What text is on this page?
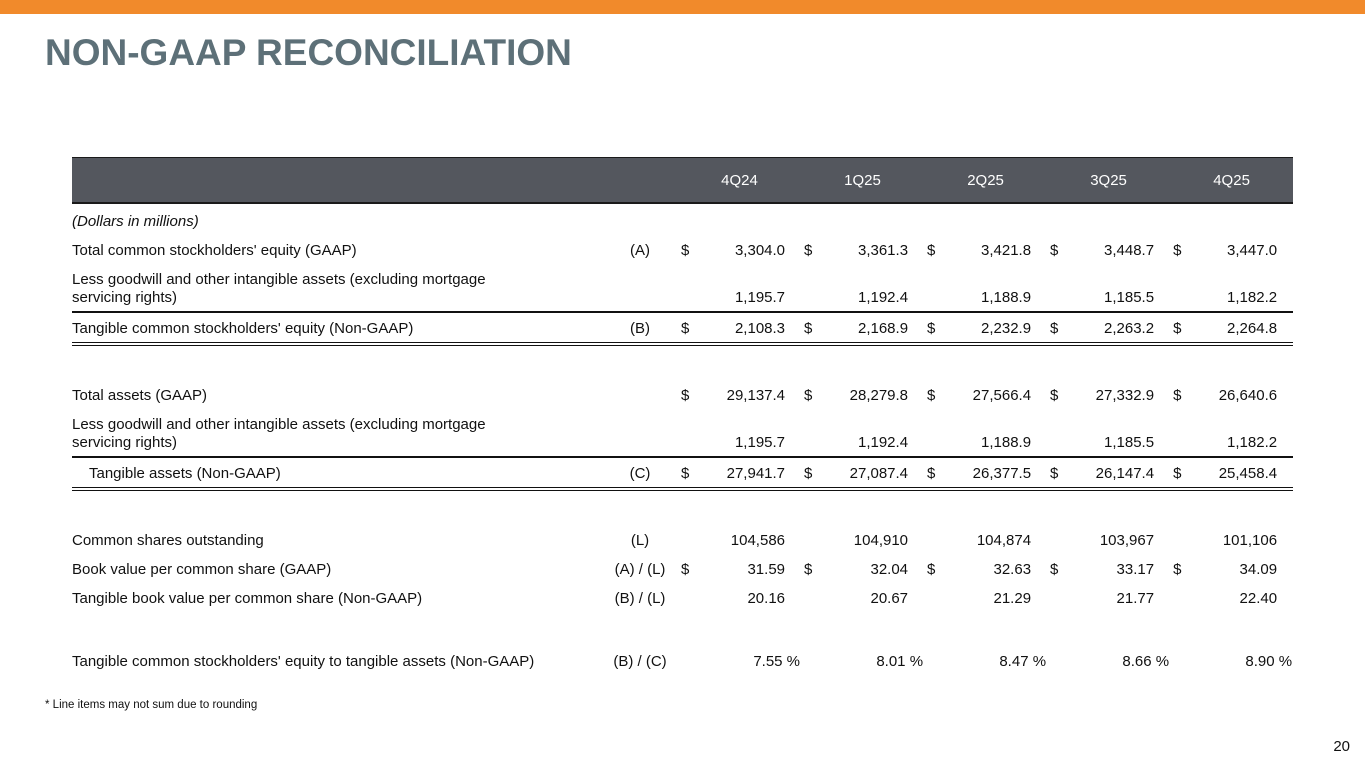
NON-GAAP RECONCILIATION
		4Q24		1Q25		2Q25		3Q25		4Q25	
(Dollars in millions)											
Total common stockholders' equity (GAAP)	(A)	$	3,304.0	$	3,361.3	$	3,421.8	$	3,448.7	$	3,447.0
Less goodwill and other intangible assets (excluding mortgage
servicing rights)			1,195.7		1,192.4		1,188.9		1,185.5		1,182.2
Tangible common stockholders' equity (Non-GAAP)	(B)	$	2,108.3	$	2,168.9	$	2,232.9	$	2,263.2	$	2,264.8

Total assets (GAAP)		$	29,137.4	$	28,279.8	$	27,566.4	$	27,332.9	$	26,640.6
Less goodwill and other intangible assets (excluding mortgage
servicing rights)			1,195.7		1,192.4		1,188.9		1,185.5		1,182.2
Tangible assets (Non-GAAP)	(C)	$	27,941.7	$	27,087.4	$	26,377.5	$	26,147.4	$	25,458.4

Common shares outstanding	(L)		104,586		104,910		104,874		103,967		101,106
Book value per common share (GAAP)	(A) / (L)	$	31.59	$	32.04	$	32.63	$	33.17	$	34.09
Tangible book value per common share (Non-GAAP)	(B) / (L)		20.16		20.67		21.29		21.77		22.40

Tangible common stockholders' equity to tangible assets (Non-GAAP)	(B) / (C)		7.55 %		8.01 %		8.47 %		8.66 %		8.90 %
* Line items may not sum due to rounding
20
